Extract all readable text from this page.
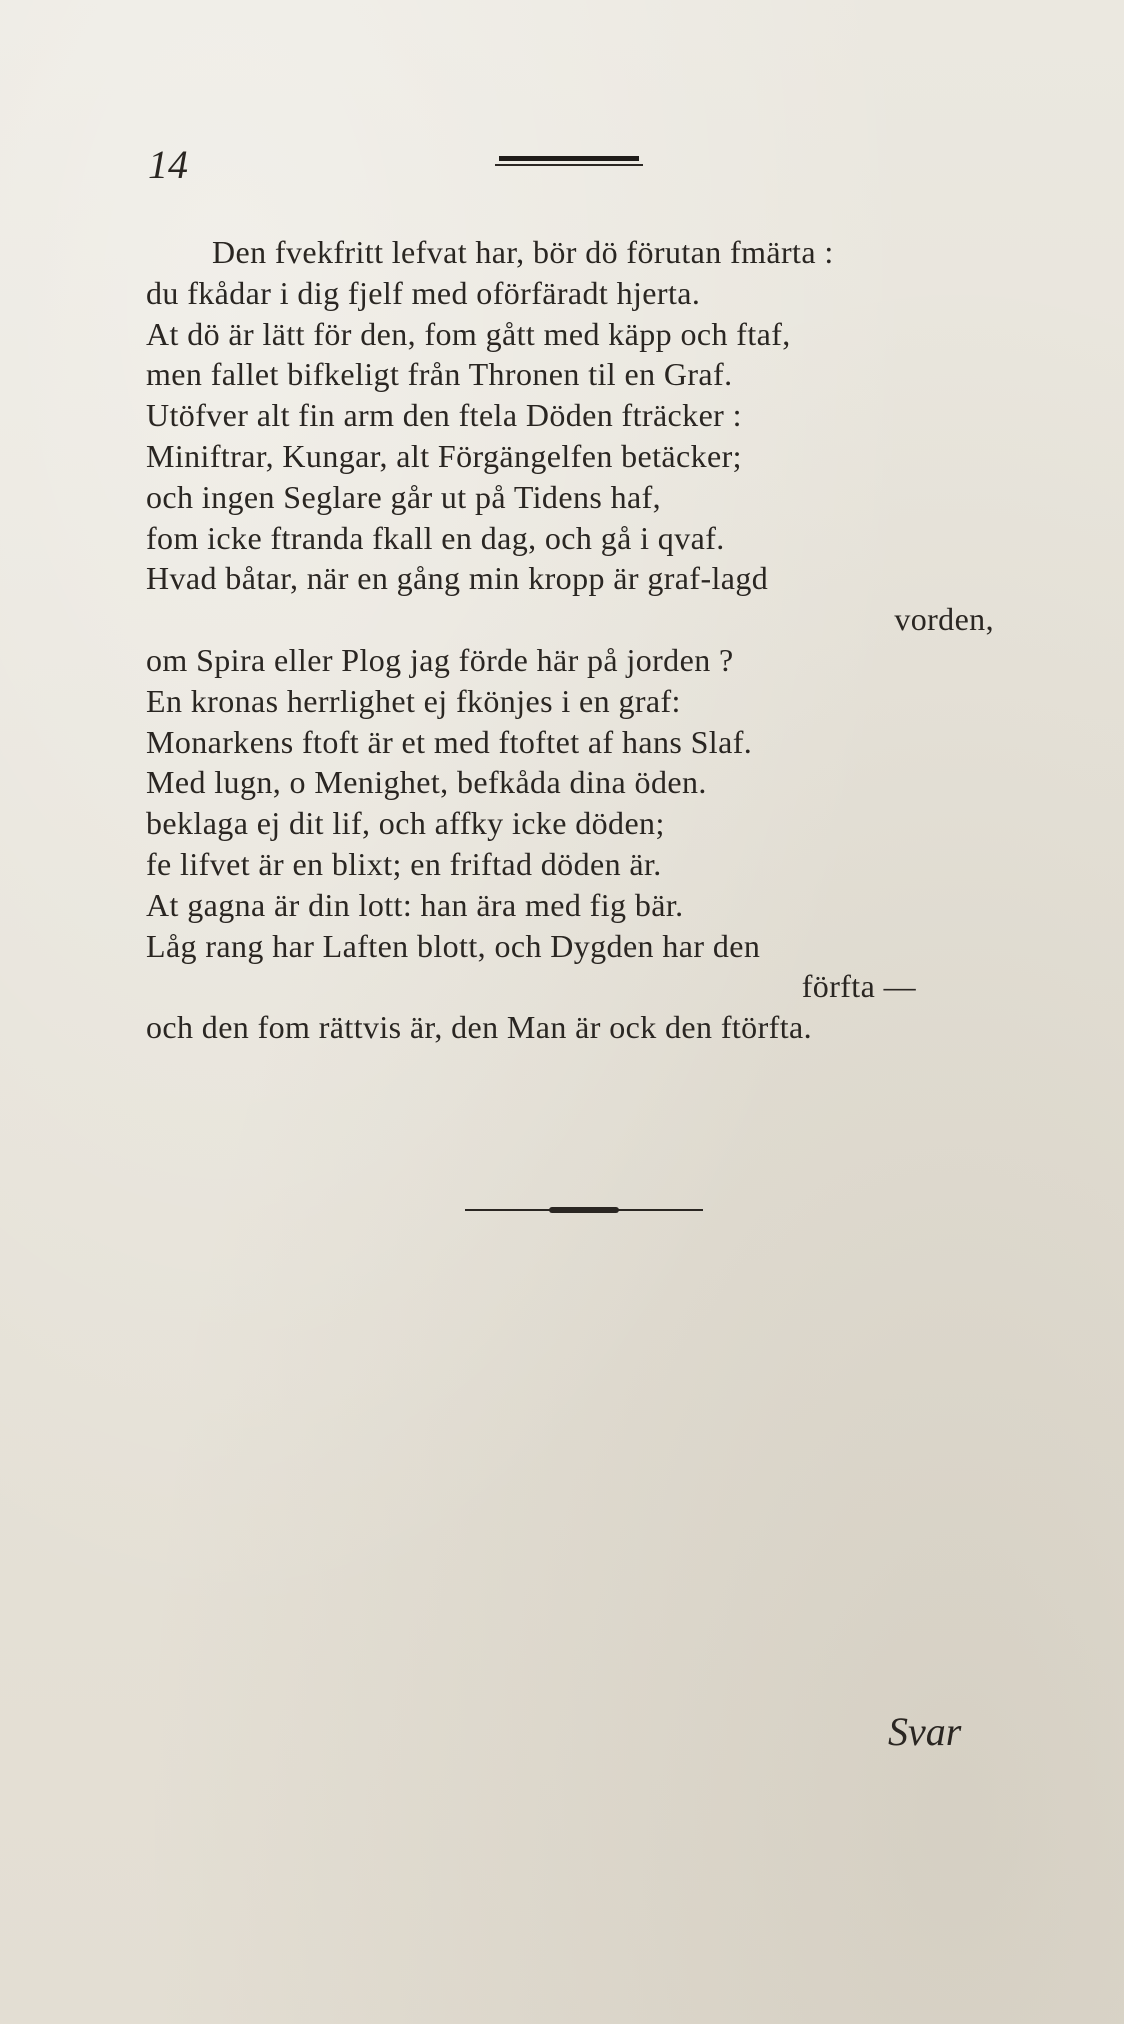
14
Den fvekfritt lefvat har, bör dö förutan fmärta :
du fkådar i dig fjelf med oförfäradt hjerta.
At dö är lätt för den, fom gått med käpp och ftaf,
men fallet bifkeligt från Thronen til en Graf.
Utöfver alt fin arm den ftela Döden fträcker :
Miniftrar, Kungar, alt Förgängelfen betäcker;
och ingen Seglare går ut på Tidens haf,
fom icke ftranda fkall en dag, och gå i qvaf.
Hvad båtar, när en gång min kropp är graf-lagd
vorden,
om Spira eller Plog jag förde här på jorden ?
En kronas herrlighet ej fkönjes i en graf:
Monarkens ftoft är et med ftoftet af hans Slaf.
Med lugn, o Menighet, befkåda dina öden.
beklaga ej dit lif, och affky icke döden;
fe lifvet är en blixt; en friftad döden är.
At gagna är din lott: han ära med fig bär.
Låg rang har Laften blott, och Dygden har den
förfta —
och den fom rättvis är, den Man är ock den ftörfta.
Svar
